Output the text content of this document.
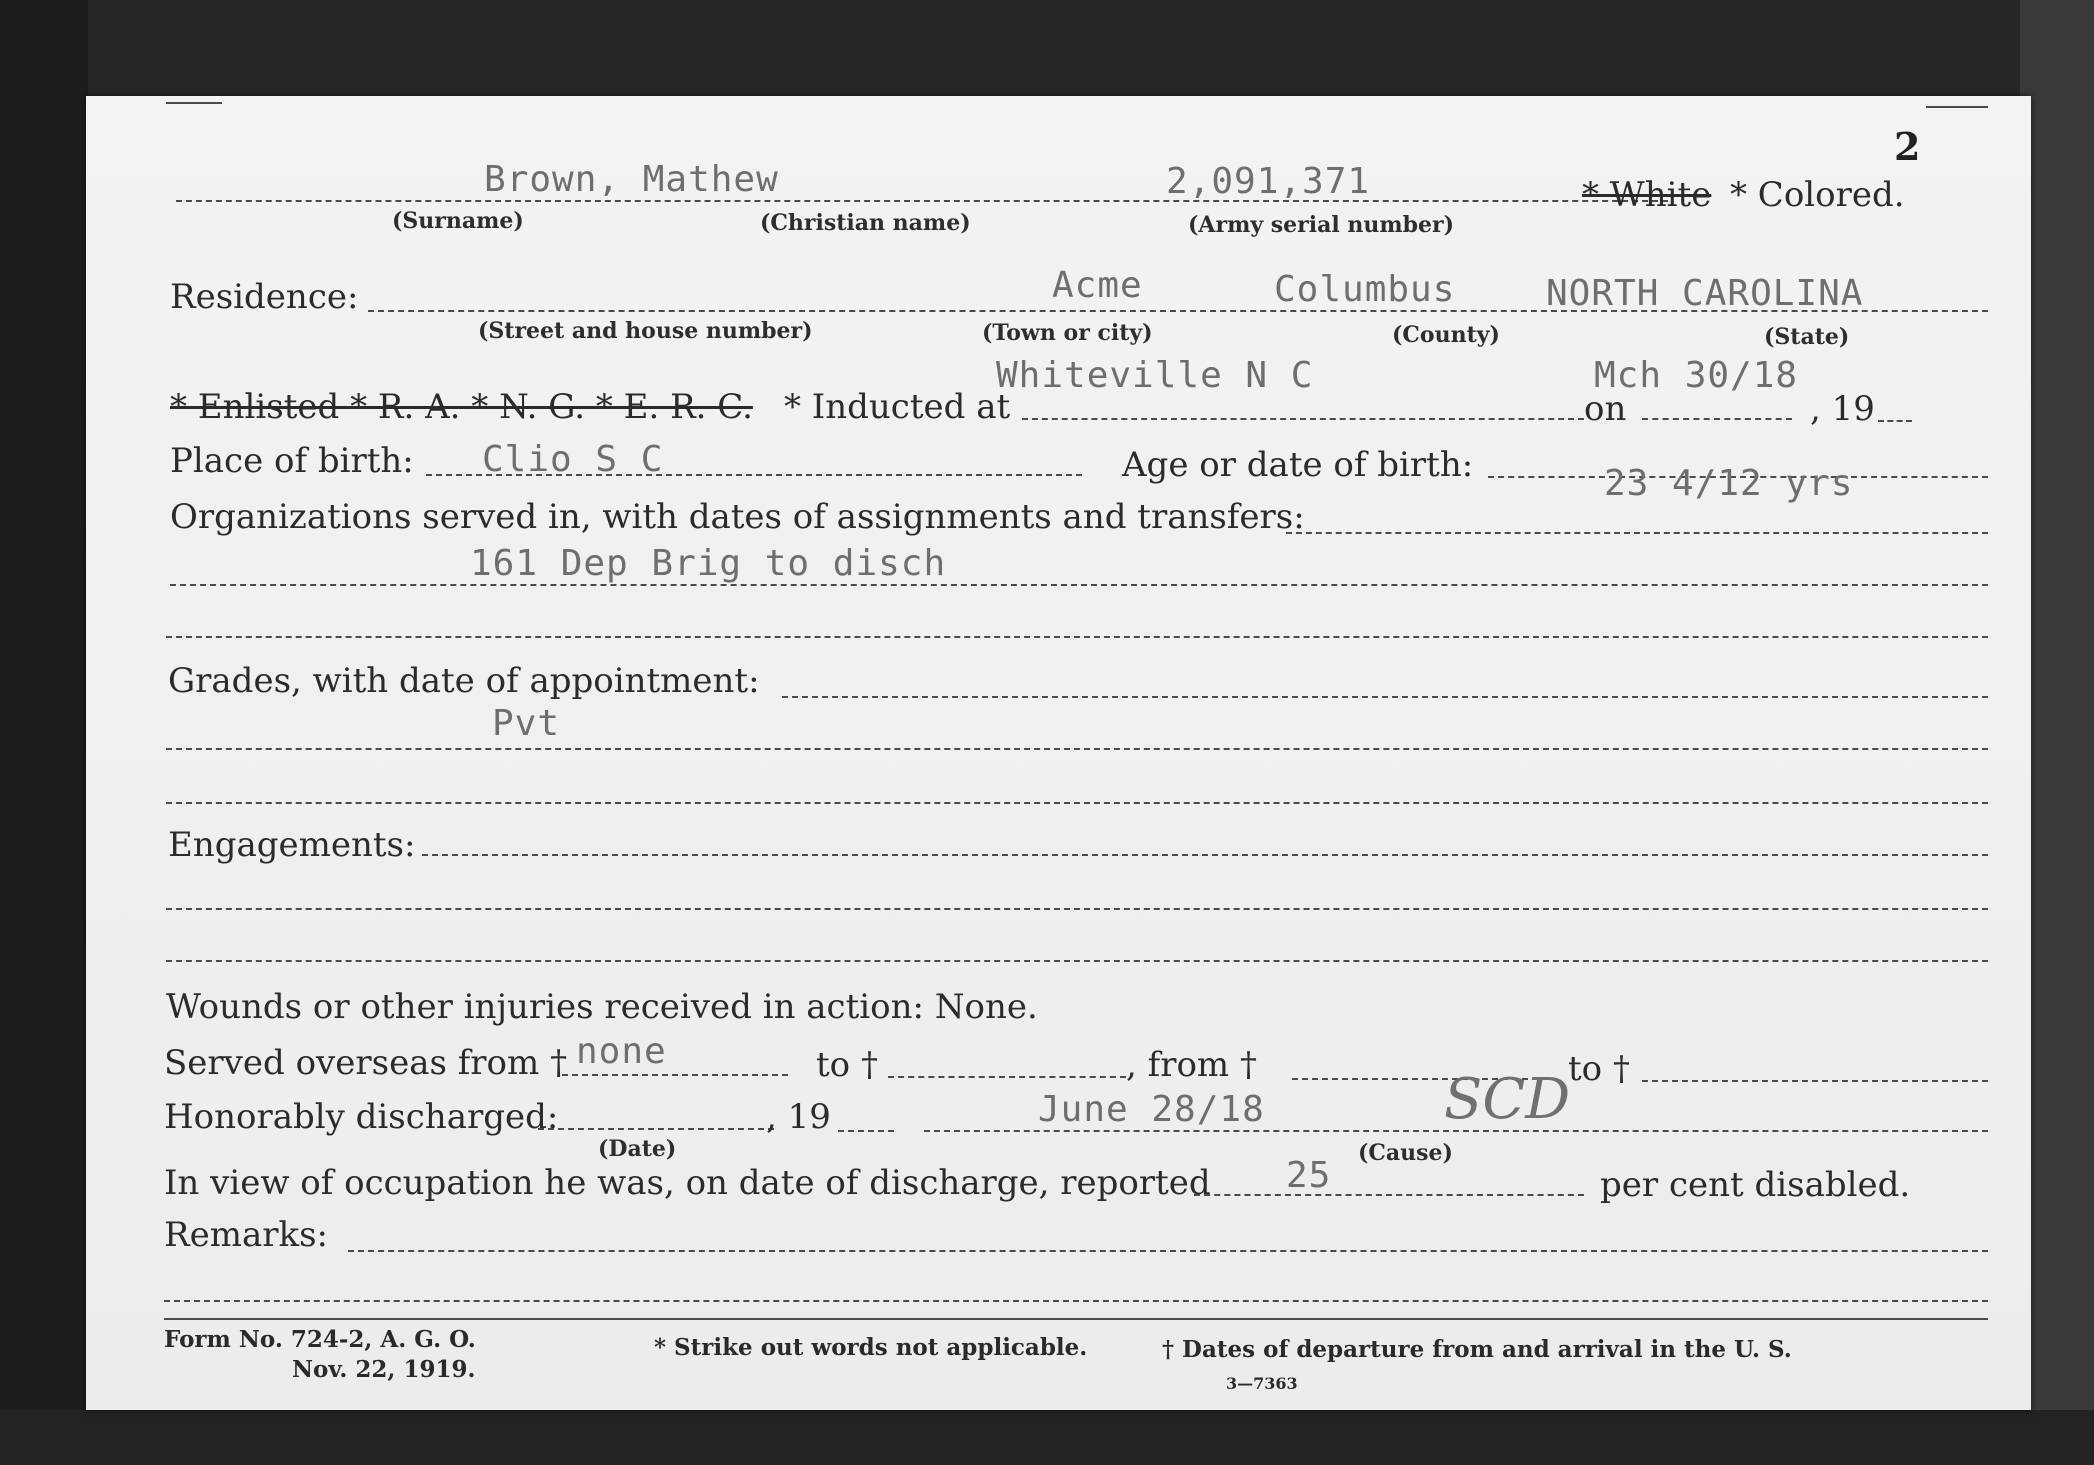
2
Brown, Mathew	2,091,371	* White * Colored.
(Surname)	(Christian name)	(Army serial number)
Residence:	Acme	Columbus	NORTH CAROLINA
(Street and house number)	(Town or city)	(County)	(State)
* Enlisted * R. A. * N. G. * E. R. C. * Inducted at
Whiteville N C
on
Mch 30/18
, 19
Place of birth: Clio S C	Age or date of birth:	23 4/12 yrs
Organizations served in, with dates of assignments and transfers:
161 Dep Brig to disch
Grades, with date of appointment:
Pvt
Engagements:
Wounds or other injuries received in action: None.
Served overseas from † none	to †	, from †	to †
Honorably discharged:	, 19	June 28/18	SCD
(Date)	(Cause)
In view of occupation he was, on date of discharge, reported 25	per cent disabled.
Remarks:
Form No. 724-2, A. G. O.
Nov. 22, 1919.
* Strike out words not applicable.	† Dates of departure from and arrival in the U. S.
3—7363
